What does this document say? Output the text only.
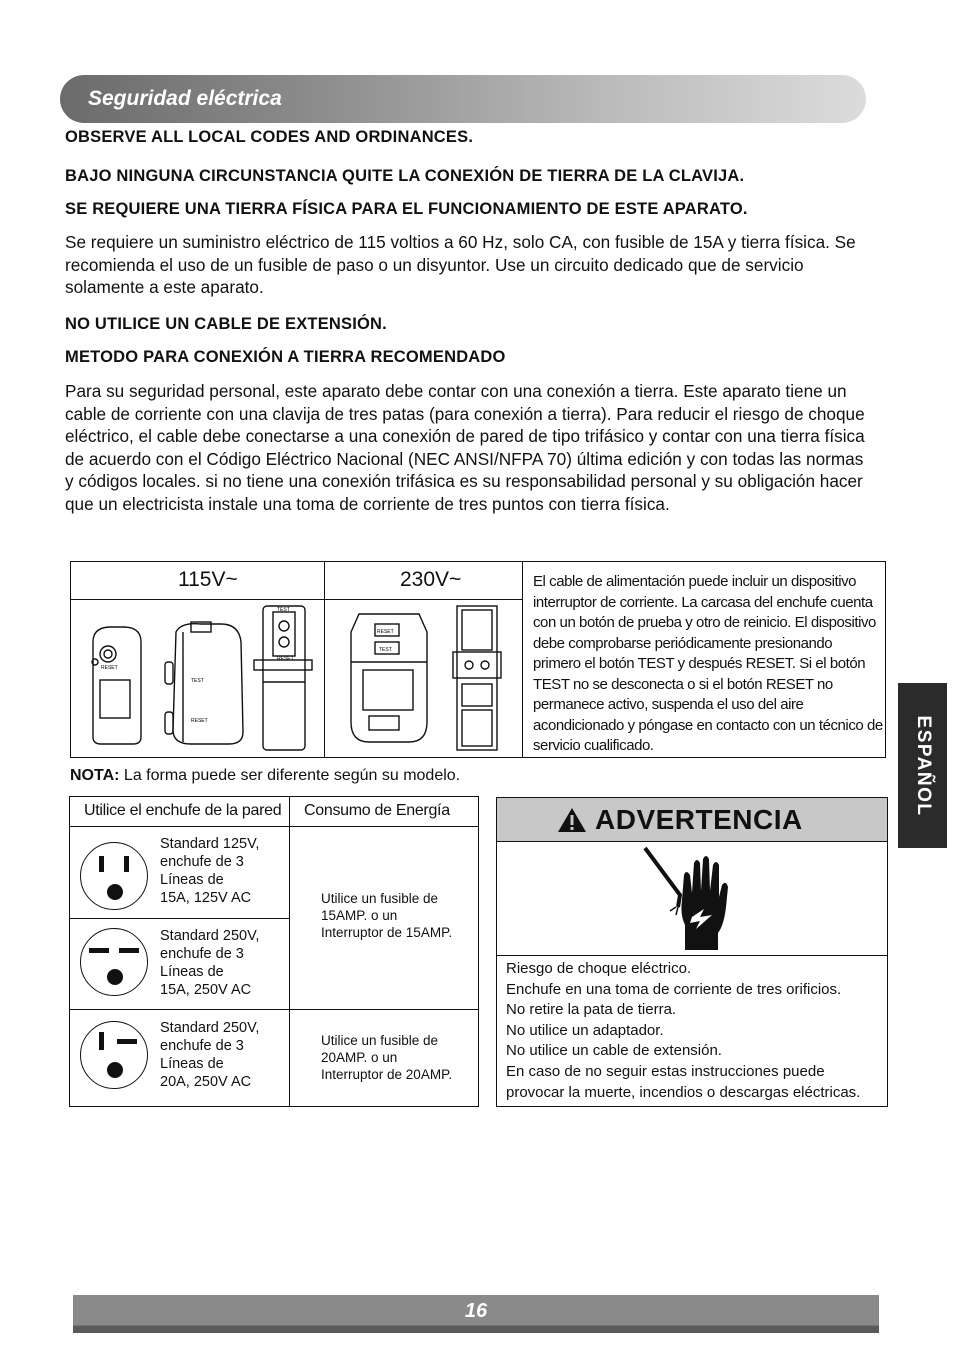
Seguridad eléctrica
OBSERVE ALL LOCAL CODES AND ORDINANCES.
BAJO NINGUNA CIRCUNSTANCIA QUITE LA CONEXIÓN DE TIERRA DE LA CLAVIJA.
SE REQUIERE UNA TIERRA FÍSICA PARA EL FUNCIONAMIENTO DE ESTE APARATO.
Se requiere un suministro eléctrico de 115 voltios a 60 Hz, solo CA, con fusible de 15A y tierra física. Se recomienda el uso de un fusible de paso o un disyuntor. Use un circuito dedicado que de servicio solamente a este aparato.
NO UTILICE UN CABLE DE EXTENSIÓN.
METODO PARA CONEXIÓN A TIERRA RECOMENDADO
Para su seguridad personal, este aparato debe contar con una conexión a tierra. Este aparato tiene un cable de corriente con una clavija de tres patas (para conexión a tierra). Para reducir el riesgo de choque eléctrico, el cable debe conectarse a una conexión de pared de tipo trifásico y contar con una tierra física de acuerdo con el Código Eléctrico Nacional (NEC ANSI/NFPA 70) última edición y con todas las normas y códigos locales. si no tiene una conexión trifásica es su responsabilidad personal y su obligación hacer que un electricista instale una toma de corriente de tres puntos con tierra física.
ESPAÑOL
115V~	230V~
RESET
TEST
RESET
TEST
RESET
RESET
TEST
El cable de alimentación puede incluir un dispositivo interruptor de corriente. La carcasa del enchufe cuenta con un botón de prueba y otro de reinicio. El dispositivo debe comprobarse periódicamente presionando primero el botón TEST y después RESET. Si el botón TEST no se desconecta o si el botón RESET no permanece activo, suspenda el uso del aire acondicionado y póngase en contacto con un técnico de servicio cualificado.
NOTA: La forma puede ser diferente según su modelo.
Utilice el enchufe de la pared Consumo de Energía
Standard 125V,
enchufe de 3
Líneas de
15A, 125V AC
Standard 250V,
enchufe de 3
Líneas de
15A, 250V AC
Standard 250V,
enchufe de 3
Líneas de
20A, 250V AC
Utilice un fusible de
15AMP. o un
Interruptor de 15AMP.
Utilice un fusible de
20AMP. o un
Interruptor de 20AMP.
ADVERTENCIA
Riesgo de choque eléctrico.
Enchufe en una toma de corriente de tres orificios.
No retire la pata de tierra.
No utilice un adaptador.
No utilice un cable de extensión.
En caso de no seguir estas instrucciones puede provocar la muerte, incendios o descargas eléctricas.
16
